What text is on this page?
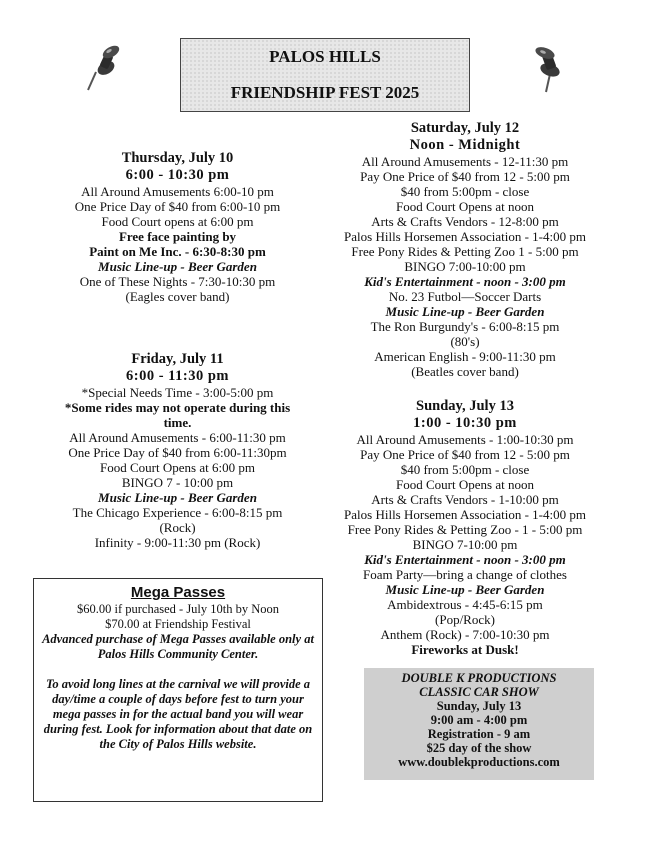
PALOS HILLS
FRIENDSHIP FEST 2025
Thursday, July 10
6:00 - 10:30 pm
All Around Amusements 6:00-10 pm
One Price Day of $40 from 6:00-10 pm
Food Court opens at 6:00 pm
Free face painting by
Paint on Me Inc. - 6:30-8:30 pm
Music Line-up - Beer Garden
One of These Nights - 7:30-10:30 pm
(Eagles cover band)
Friday, July 11
6:00 - 11:30 pm
*Special Needs Time - 3:00-5:00 pm
*Some rides may not operate during this
time.
All Around Amusements - 6:00-11:30 pm
One Price Day of $40 from 6:00-11:30pm
Food Court Opens at 6:00 pm
BINGO 7 - 10:00 pm
Music Line-up - Beer Garden
The Chicago Experience - 6:00-8:15 pm
(Rock)
Infinity - 9:00-11:30 pm (Rock)
Saturday, July 12
Noon - Midnight
All Around Amusements - 12-11:30 pm
Pay One Price of $40 from 12 - 5:00 pm
$40 from 5:00pm - close
Food Court Opens at noon
Arts & Crafts Vendors - 12-8:00 pm
Palos Hills Horsemen Association - 1-4:00 pm
Free Pony Rides & Petting Zoo 1 - 5:00 pm
BINGO 7:00-10:00 pm
Kid's Entertainment - noon - 3:00 pm
No. 23 Futbol—Soccer Darts
Music Line-up - Beer Garden
The Ron Burgundy's - 6:00-8:15 pm
(80's)
American English - 9:00-11:30 pm
(Beatles cover band)
Sunday, July 13
1:00 - 10:30 pm
All Around Amusements - 1:00-10:30 pm
Pay One Price of $40 from 12 - 5:00 pm
$40 from 5:00pm - close
Food Court Opens at noon
Arts & Crafts Vendors - 1-10:00 pm
Palos Hills Horsemen Association - 1-4:00 pm
Free Pony Rides & Petting Zoo - 1 - 5:00 pm
BINGO 7-10:00 pm
Kid's Entertainment - noon - 3:00 pm
Foam Party—bring a change of clothes
Music Line-up - Beer Garden
Ambidextrous - 4:45-6:15 pm
(Pop/Rock)
Anthem (Rock) - 7:00-10:30 pm
Fireworks at Dusk!
Mega Passes
$60.00 if purchased - July 10th by Noon
$70.00 at Friendship Festival
Advanced purchase of Mega Passes available only at Palos Hills Community Center.
To avoid long lines at the carnival we will provide a day/time a couple of days before fest to turn your mega passes in for the actual band you will wear during fest. Look for information about that date on the City of Palos Hills website.
DOUBLE K PRODUCTIONS
CLASSIC CAR SHOW
Sunday, July 13
9:00 am - 4:00 pm
Registration - 9 am
$25 day of the show
www.doublekproductions.com
